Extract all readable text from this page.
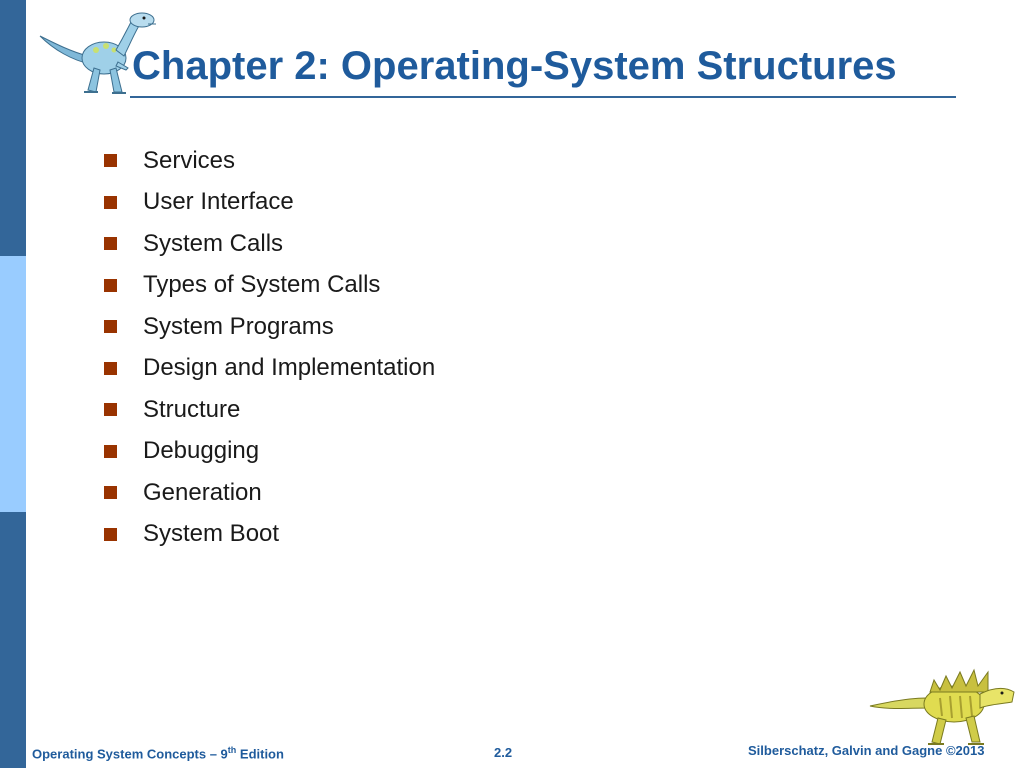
Chapter 2: Operating-System Structures
Services
User Interface
System Calls
Types of System Calls
System Programs
Design and Implementation
Structure
Debugging
Generation
System Boot
Operating System Concepts – 9th Edition	2.2	Silberschatz, Galvin and Gagne ©2013
